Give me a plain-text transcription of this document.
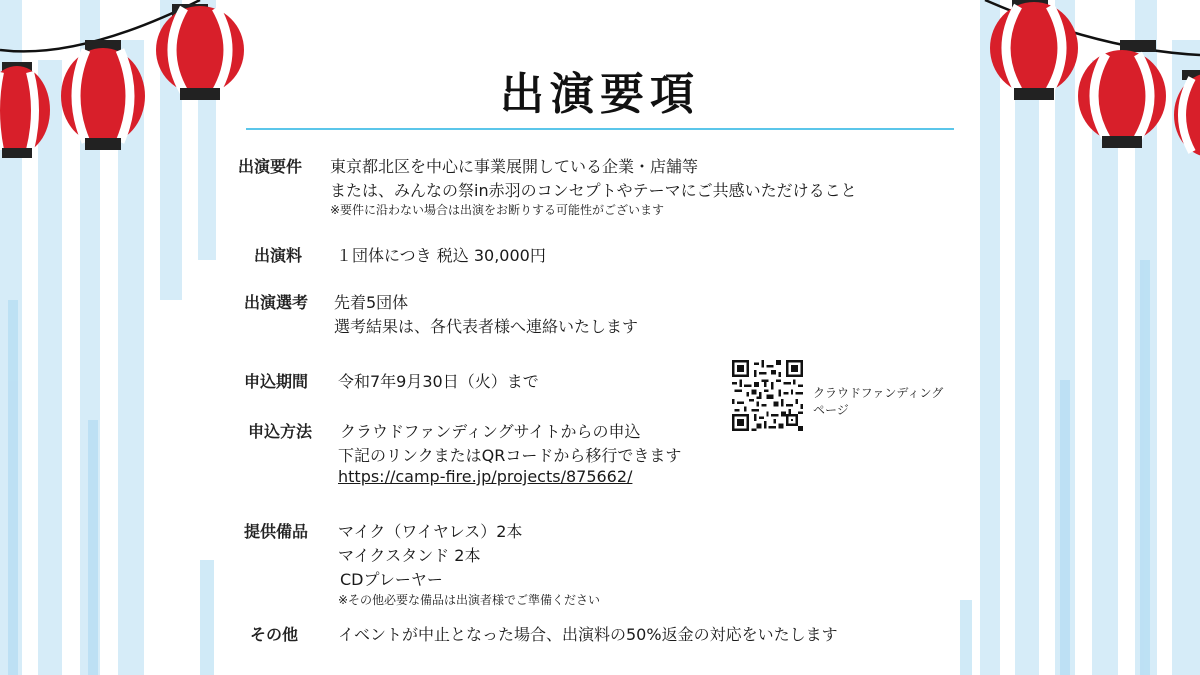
出演要項
出演要件 東京都北区を中心に事業展開している企業・店舗等
または、みんなの祭in赤羽のコンセプトやテーマにご共感いただけること
※要件に沿わない場合は出演をお断りする可能性がございます
出演料 １団体につき 税込 30,000円
出演選考 先着5団体
選考結果は、各代表者様へ連絡いたします
申込期間 令和7年9月30日（火）まで
申込方法 クラウドファンディングサイトからの申込
下記のリンクまたはQRコードから移行できます
https://camp-fire.jp/projects/875662/
提供備品 マイク（ワイヤレス）2本
マイクスタンド 2本
CDプレーヤー
※その他必要な備品は出演者様でご準備ください
その他	イベントが中止となった場合、出演料の50%返金の対応をいたします
クラウドファンディング
ページ
